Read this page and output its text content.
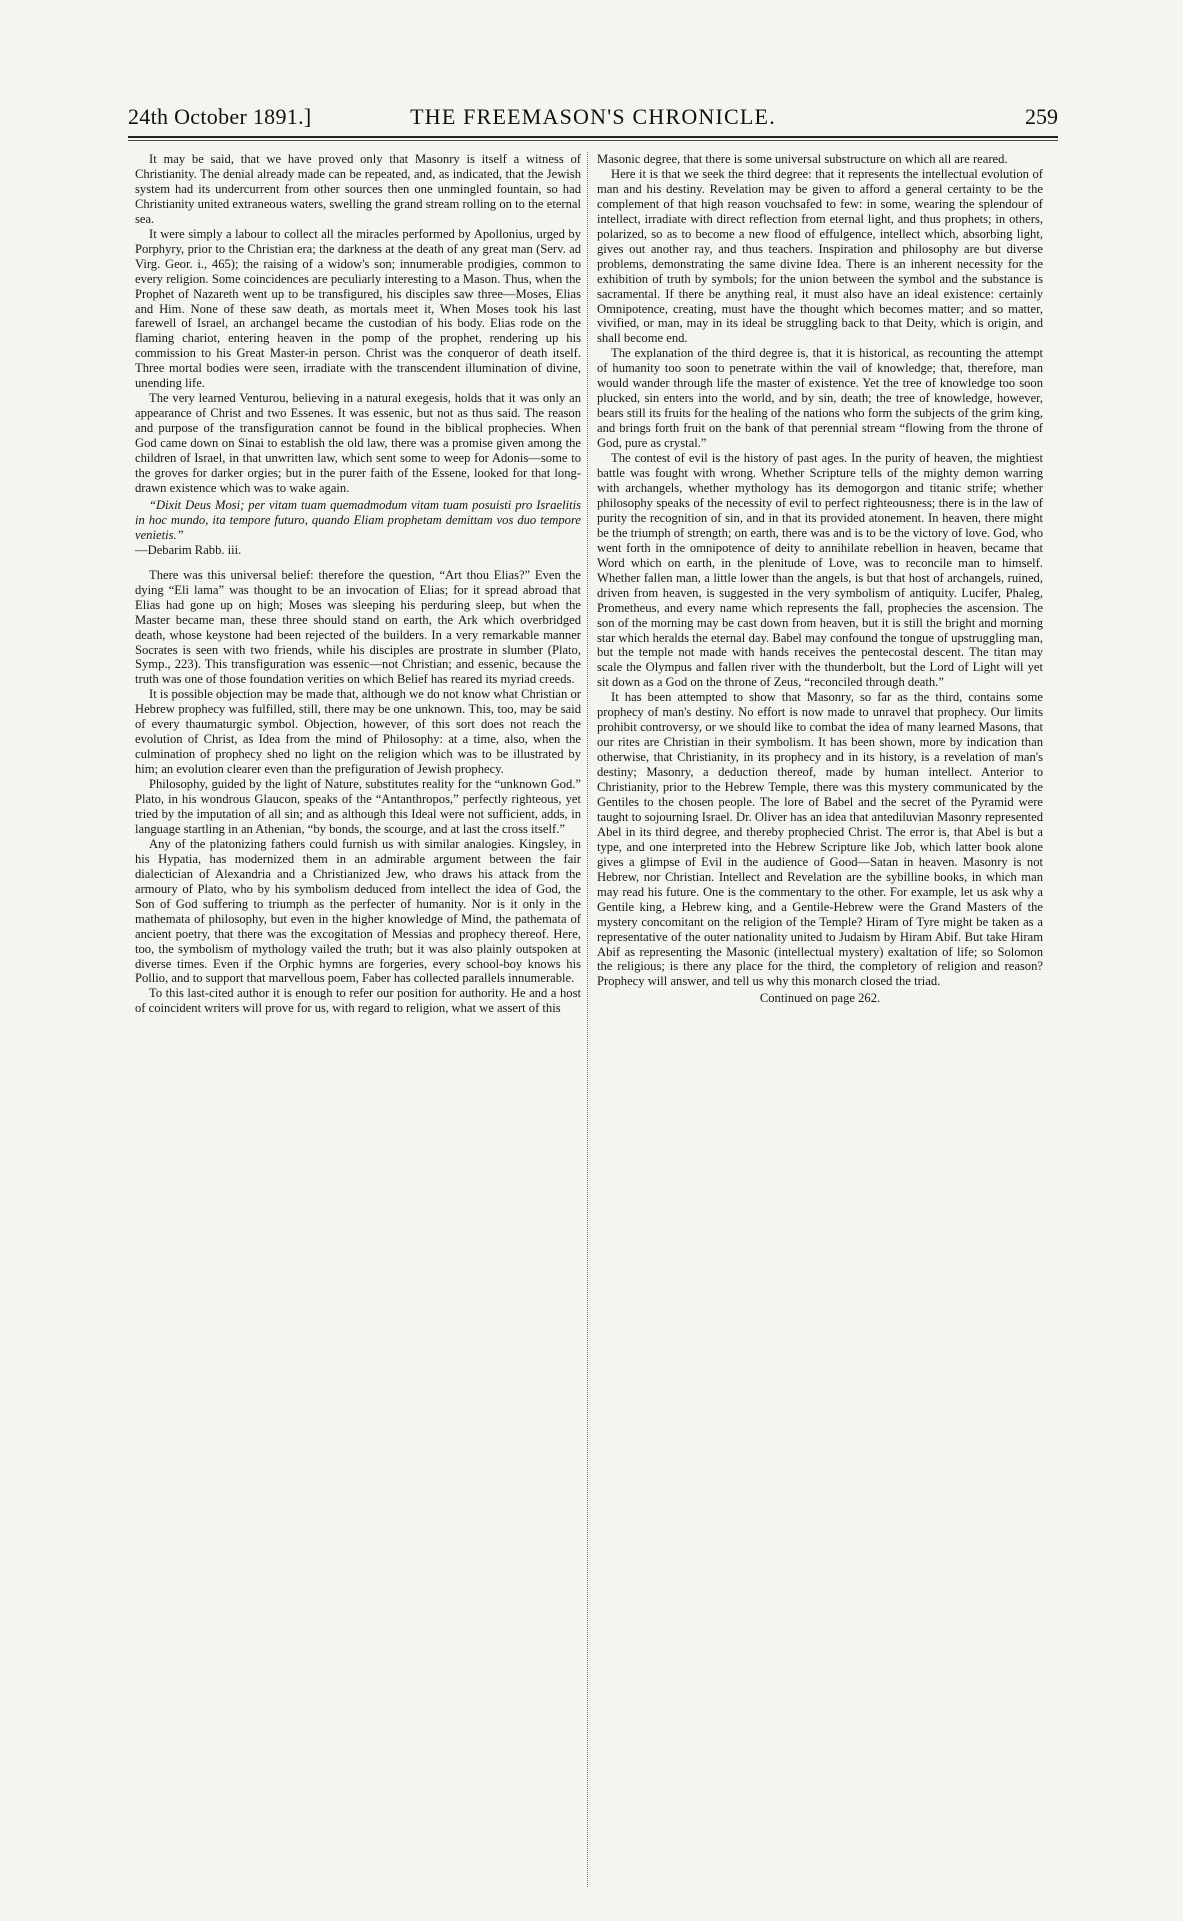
24th October 1891.]	THE FREEMASON'S CHRONICLE.	259

It may be said, that we have proved only that Masonry is itself a witness of Christianity. The denial already made can be repeated, and, as indicated, that the Jewish system had its undercurrent from other sources then one unmingled fountain, so had Christianity united extraneous waters, swelling the grand stream rolling on to the eternal sea.

It were simply a labour to collect all the miracles performed by Apollonius, urged by Porphyry, prior to the Christian era; the darkness at the death of any great man (Serv. ad Virg. Geor. i., 465); the raising of a widow's son; innumerable prodigies, common to every religion. Some coincidences are peculiarly interesting to a Mason. Thus, when the Prophet of Nazareth went up to be transfigured, his disciples saw three—Moses, Elias and Him. None of these saw death, as mortals meet it, When Moses took his last farewell of Israel, an archangel became the custodian of his body. Elias rode on the flaming chariot, entering heaven in the pomp of the prophet, rendering up his commission to his Great Master-in person. Christ was the conqueror of death itself. Three mortal bodies were seen, irradiate with the transcendent illumination of divine, unending life.

The very learned Venturou, believing in a natural exegesis, holds that it was only an appearance of Christ and two Essenes. It was essenic, but not as thus said. The reason and purpose of the transfiguration cannot be found in the biblical prophecies. When God came down on Sinai to establish the old law, there was a promise given among the children of Israel, in that unwritten law, which sent some to weep for Adonis—some to the groves for darker orgies; but in the purer faith of the Essene, looked for that long-drawn existence which was to wake again.

“Dixit Deus Mosi; per vitam tuam quemadmodum vitam tuam posuisti pro Israelitis in hoc mundo, ita tempore futuro, quando Eliam prophetam demittam vos duo tempore venietis.”

—Debarim Rabb. iii.

There was this universal belief: therefore the question, “Art thou Elias?” Even the dying “Eli lama” was thought to be an invocation of Elias; for it spread abroad that Elias had gone up on high; Moses was sleeping his perduring sleep, but when the Master became man, these three should stand on earth, the Ark which overbridged death, whose keystone had been rejected of the builders. In a very remarkable manner Socrates is seen with two friends, while his disciples are prostrate in slumber (Plato, Symp., 223). This transfiguration was essenic—not Christian; and essenic, because the truth was one of those foundation verities on which Belief has reared its myriad creeds.

It is possible objection may be made that, although we do not know what Christian or Hebrew prophecy was fulfilled, still, there may be one unknown. This, too, may be said of every thaumaturgic symbol. Objection, however, of this sort does not reach the evolution of Christ, as Idea from the mind of Philosophy: at a time, also, when the culmination of prophecy shed no light on the religion which was to be illustrated by him; an evolution clearer even than the prefiguration of Jewish prophecy.

Philosophy, guided by the light of Nature, substitutes reality for the “unknown God.” Plato, in his wondrous Glaucon, speaks of the “Antanthropos,” perfectly righteous, yet tried by the imputation of all sin; and as although this Ideal were not sufficient, adds, in language startling in an Athenian, “by bonds, the scourge, and at last the cross itself.”

Any of the platonizing fathers could furnish us with similar analogies. Kingsley, in his Hypatia, has modernized them in an admirable argument between the fair dialectician of Alexandria and a Christianized Jew, who draws his attack from the armoury of Plato, who by his symbolism deduced from intellect the idea of God, the Son of God suffering to triumph as the perfecter of humanity. Nor is it only in the mathemata of philosophy, but even in the higher knowledge of Mind, the pathemata of ancient poetry, that there was the excogitation of Messias and prophecy thereof. Here, too, the symbolism of mythology vailed the truth; but it was also plainly outspoken at diverse times. Even if the Orphic hymns are forgeries, every school-boy knows his Pollio, and to support that marvellous poem, Faber has collected parallels innumerable.

To this last-cited author it is enough to refer our position for authority. He and a host of coincident writers will prove for us, with regard to religion, what we assert of this

Masonic degree, that there is some universal substructure on which all are reared.

Here it is that we seek the third degree: that it represents the intellectual evolution of man and his destiny. Revelation may be given to afford a general certainty to be the complement of that high reason vouchsafed to few: in some, wearing the splendour of intellect, irradiate with direct reflection from eternal light, and thus prophets; in others, polarized, so as to become a new flood of effulgence, intellect which, absorbing light, gives out another ray, and thus teachers. Inspiration and philosophy are but diverse problems, demonstrating the same divine Idea. There is an inherent necessity for the exhibition of truth by symbols; for the union between the symbol and the substance is sacramental. If there be anything real, it must also have an ideal existence: certainly Omnipotence, creating, must have the thought which becomes matter; and so matter, vivified, or man, may in its ideal be struggling back to that Deity, which is origin, and shall become end.

The explanation of the third degree is, that it is historical, as recounting the attempt of humanity too soon to penetrate within the vail of knowledge; that, therefore, man would wander through life the master of existence. Yet the tree of knowledge too soon plucked, sin enters into the world, and by sin, death; the tree of knowledge, however, bears still its fruits for the healing of the nations who form the subjects of the grim king, and brings forth fruit on the bank of that perennial stream “flowing from the throne of God, pure as crystal.”

The contest of evil is the history of past ages. In the purity of heaven, the mightiest battle was fought with wrong. Whether Scripture tells of the mighty demon warring with archangels, whether mythology has its demogorgon and titanic strife; whether philosophy speaks of the necessity of evil to perfect righteousness; there is in the law of purity the recognition of sin, and in that its provided atonement. In heaven, there might be the triumph of strength; on earth, there was and is to be the victory of love. God, who went forth in the omnipotence of deity to annihilate rebellion in heaven, became that Word which on earth, in the plenitude of Love, was to reconcile man to himself. Whether fallen man, a little lower than the angels, is but that host of archangels, ruined, driven from heaven, is suggested in the very symbolism of antiquity. Lucifer, Phaleg, Prometheus, and every name which represents the fall, prophecies the ascension. The son of the morning may be cast down from heaven, but it is still the bright and morning star which heralds the eternal day. Babel may confound the tongue of upstruggling man, but the temple not made with hands receives the pentecostal descent. The titan may scale the Olympus and fallen river with the thunderbolt, but the Lord of Light will yet sit down as a God on the throne of Zeus, “reconciled through death.”

It has been attempted to show that Masonry, so far as the third, contains some prophecy of man's destiny. No effort is now made to unravel that prophecy. Our limits prohibit controversy, or we should like to combat the idea of many learned Masons, that our rites are Christian in their symbolism. It has been shown, more by indication than otherwise, that Christianity, in its prophecy and in its history, is a revelation of man's destiny; Masonry, a deduction thereof, made by human intellect. Anterior to Christianity, prior to the Hebrew Temple, there was this mystery communicated by the Gentiles to the chosen people. The lore of Babel and the secret of the Pyramid were taught to sojourning Israel. Dr. Oliver has an idea that antediluvian Masonry represented Abel in its third degree, and thereby prophecied Christ. The error is, that Abel is but a type, and one interpreted into the Hebrew Scripture like Job, which latter book alone gives a glimpse of Evil in the audience of Good—Satan in heaven. Masonry is not Hebrew, nor Christian. Intellect and Revelation are the sybilline books, in which man may read his future. One is the commentary to the other. For example, let us ask why a Gentile king, a Hebrew king, and a Gentile-Hebrew were the Grand Masters of the mystery concomitant on the religion of the Temple? Hiram of Tyre might be taken as a representative of the outer nationality united to Judaism by Hiram Abif. But take Hiram Abif as representing the Masonic (intellectual mystery) exaltation of life; so Solomon the religious; is there any place for the third, the completory of religion and reason? Prophecy will answer, and tell us why this monarch closed the triad.

Continued on page 262.
